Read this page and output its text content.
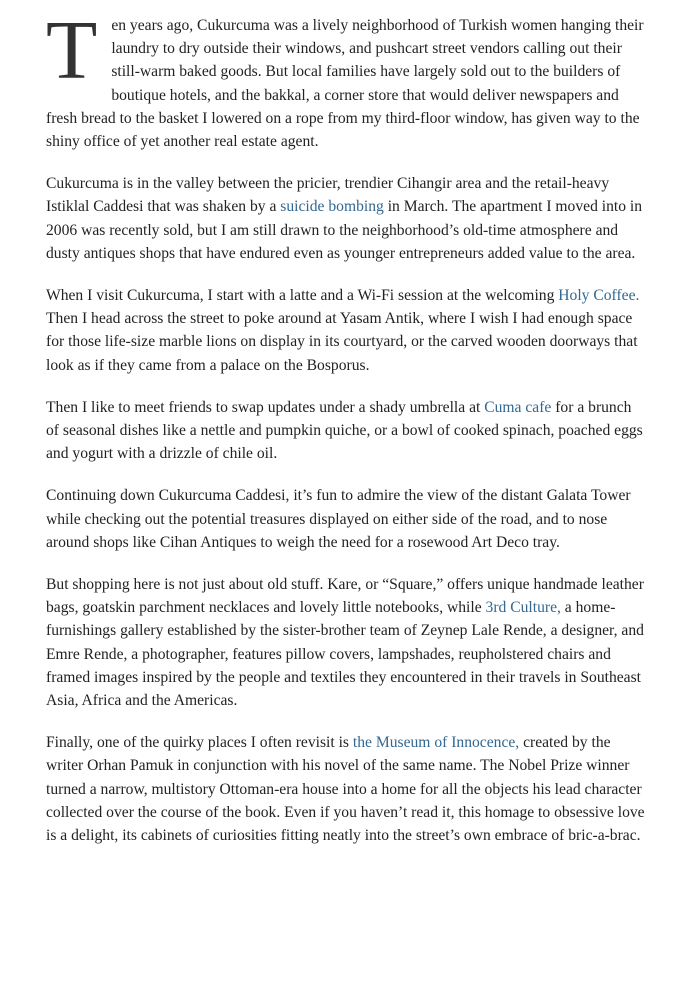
Ten years ago, Cukurcuma was a lively neighborhood of Turkish women hanging their laundry to dry outside their windows, and pushcart street vendors calling out their still-warm baked goods. But local families have largely sold out to the builders of boutique hotels, and the bakkal, a corner store that would deliver newspapers and fresh bread to the basket I lowered on a rope from my third-floor window, has given way to the shiny office of yet another real estate agent.

Cukurcuma is in the valley between the pricier, trendier Cihangir area and the retail-heavy Istiklal Caddesi that was shaken by a suicide bombing in March. The apartment I moved into in 2006 was recently sold, but I am still drawn to the neighborhood’s old-time atmosphere and dusty antiques shops that have endured even as younger entrepreneurs added value to the area.

When I visit Cukurcuma, I start with a latte and a Wi-Fi session at the welcoming Holy Coffee. Then I head across the street to poke around at Yasam Antik, where I wish I had enough space for those life-size marble lions on display in its courtyard, or the carved wooden doorways that look as if they came from a palace on the Bosporus.

Then I like to meet friends to swap updates under a shady umbrella at Cuma cafe for a brunch of seasonal dishes like a nettle and pumpkin quiche, or a bowl of cooked spinach, poached eggs and yogurt with a drizzle of chile oil.

Continuing down Cukurcuma Caddesi, it’s fun to admire the view of the distant Galata Tower while checking out the potential treasures displayed on either side of the road, and to nose around shops like Cihan Antiques to weigh the need for a rosewood Art Deco tray.

But shopping here is not just about old stuff. Kare, or “Square,” offers unique handmade leather bags, goatskin parchment necklaces and lovely little notebooks, while 3rd Culture, a home-furnishings gallery established by the sister-brother team of Zeynep Lale Rende, a designer, and Emre Rende, a photographer, features pillow covers, lampshades, reupholstered chairs and framed images inspired by the people and textiles they encountered in their travels in Southeast Asia, Africa and the Americas.

Finally, one of the quirky places I often revisit is the Museum of Innocence, created by the writer Orhan Pamuk in conjunction with his novel of the same name. The Nobel Prize winner turned a narrow, multistory Ottoman-era house into a home for all the objects his lead character collected over the course of the book. Even if you haven’t read it, this homage to obsessive love is a delight, its cabinets of curiosities fitting neatly into the street’s own embrace of bric-a-brac.
